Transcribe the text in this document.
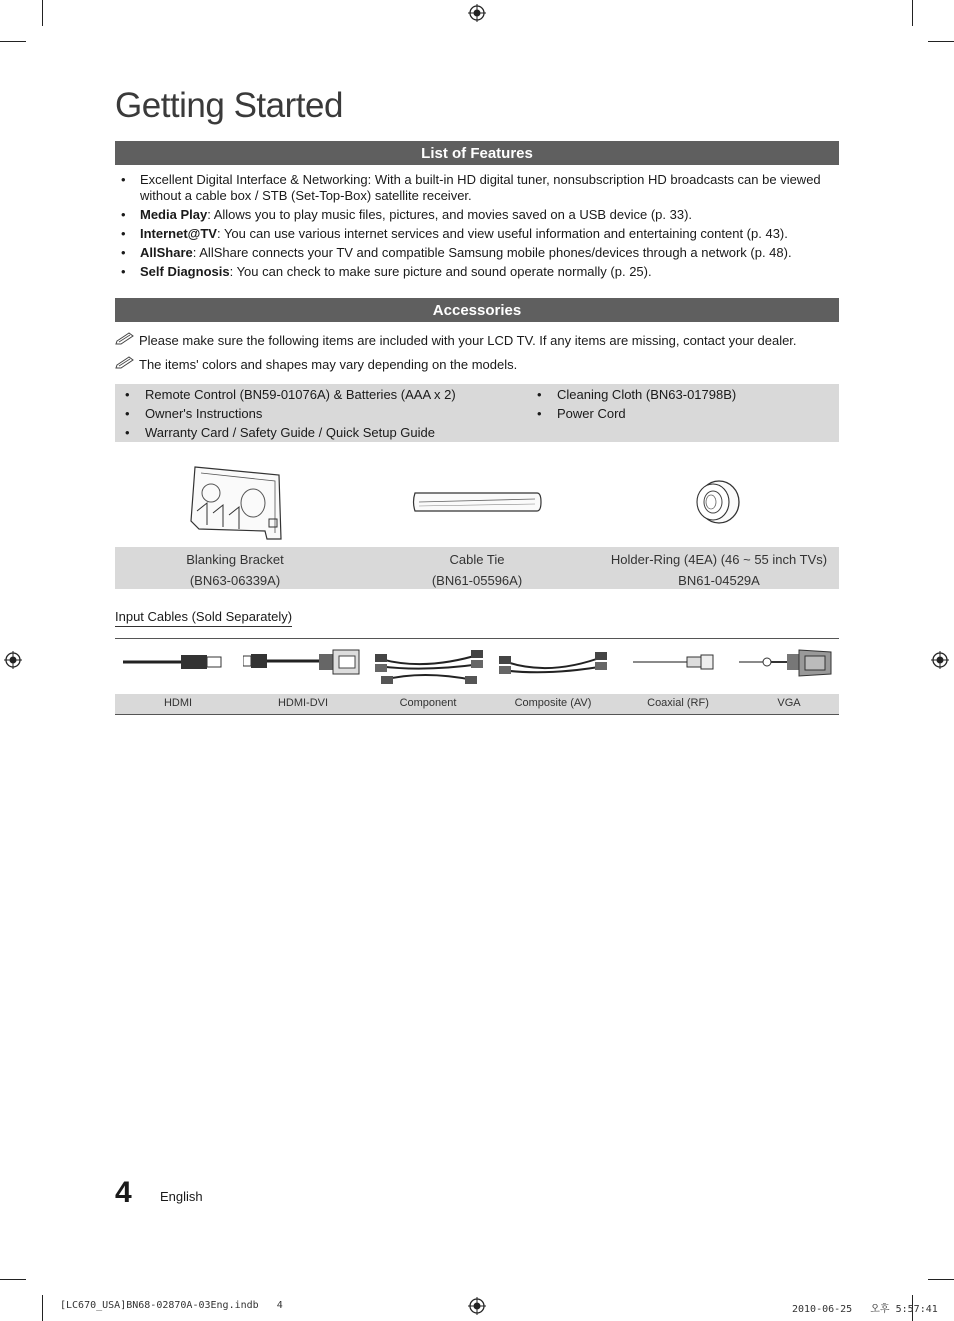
Getting Started
List of Features
• Excellent Digital Interface & Networking: With a built-in HD digital tuner, nonsubscription HD broadcasts can be viewed without a cable box / STB (Set-Top-Box) satellite receiver.
• Media Play: Allows you to play music files, pictures, and movies saved on a USB device (p. 33).
• Internet@TV: You can use various internet services and view useful information and entertaining content (p. 43).
• AllShare: AllShare connects your TV and compatible Samsung mobile phones/devices through a network (p. 48).
• Self Diagnosis: You can check to make sure picture and sound operate normally (p. 25).
Accessories
Please make sure the following items are included with your LCD TV. If any items are missing, contact your dealer.
The items' colors and shapes may vary depending on the models.
• Remote Control (BN59-01076A) & Batteries (AAA x 2)
• Owner's Instructions
• Warranty Card / Safety Guide / Quick Setup Guide
• Cleaning Cloth (BN63-01798B)
• Power Cord
Blanking Bracket
(BN63-06339A)
Cable Tie
(BN61-05596A)
Holder-Ring (4EA) (46 ~ 55 inch TVs)
BN61-04529A
Input Cables (Sold Separately)
HDMI	HDMI-DVI	Component	Composite (AV)	Coaxial (RF)	VGA
4 English
[LC670_USA]BN68-02870A-03Eng.indb   4	2010-06-25   오후 5:57:41
